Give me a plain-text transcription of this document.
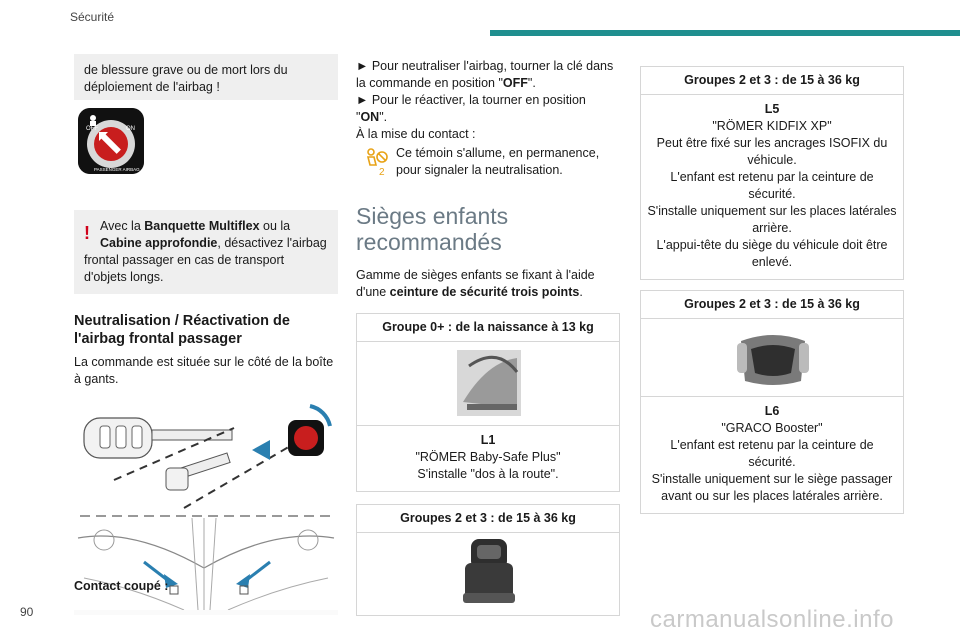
Sécurité
de blessure grave ou de mort lors du déploiement de l'airbag !
OFF	ON
PASSENGER AIRBAG
! Avec la Banquette Multiflex ou la Cabine approfondie, désactivez l'airbag frontal passager en cas de transport d'objets longs.
Neutralisation / Réactivation de l'airbag frontal passager

La commande est située sur le côté de la boîte à gants.

Contact coupé :
► Pour neutraliser l'airbag, tourner la clé dans la commande en position "OFF".
► Pour le réactiver, la tourner en position "ON".
À la mise du contact :
2
Ce témoin s'allume, en permanence, pour signaler la neutralisation.
Sièges enfants recommandés

Gamme de sièges enfants se fixant à l'aide d'une ceinture de sécurité trois points.

Groupe 0+ : de la naissance à 13 kg
L1
"RÖMER Baby-Safe Plus"
S'installe "dos à la route".
Groupes 2 et 3 : de 15 à 36 kg
Groupes 2 et 3 : de 15 à 36 kg
L5
"RÖMER KIDFIX XP"
Peut être fixé sur les ancrages ISOFIX du véhicule.
L'enfant est retenu par la ceinture de sécurité.
S'installe uniquement sur les places latérales arrière.
L'appui-tête du siège du véhicule doit être enlevé.
Groupes 2 et 3 : de 15 à 36 kg
L6
"GRACO Booster"
L'enfant est retenu par la ceinture de sécurité.
S'installe uniquement sur le siège passager avant ou sur les places latérales arrière.
90	carmanualsonline.info
